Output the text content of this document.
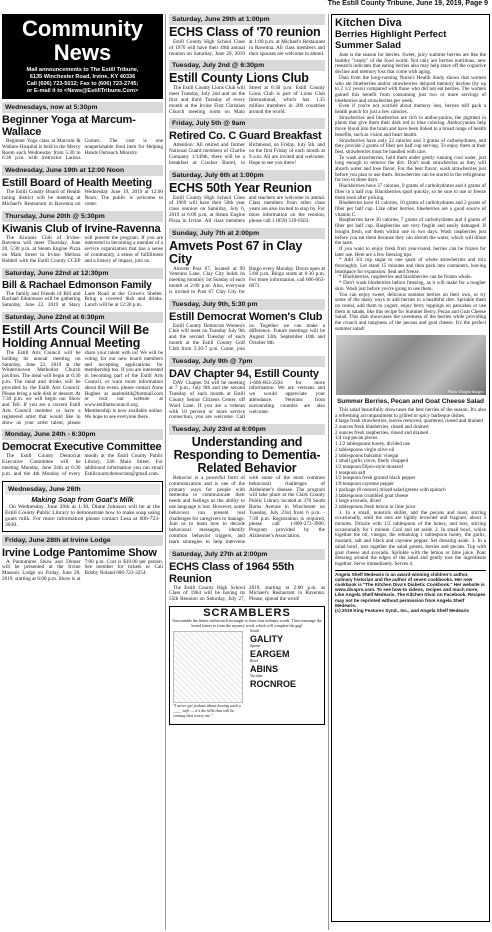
The Estill County Tribune, June 19, 2019, Page 9
Community News

Mail announcements to The Estill Tribune,

6135 Winchester Road, Irvine, KY 40336

Call (606) 723-5012; Fax to (606) 723-2745;

or E-mail it to <News@EstillTribune.Com>

Wednesdays, now at 5:30pm
Beginner Yoga at Marcum-Wallace

Beginner Yoga class at Marcum & Wallace Hospital is held in the Mercy Room each Wednesday from 5:30 to 6:30 p.m. with instructor Larissa Gomez. The cost is one nonperishable food item for Helping Hands Outreach Ministry.

Wednesday, June 19th at 12:00 Noon
Estill Board of Health Meeting

The Estill County Board of Health tuning district will be meeting at Michael's Restaurant in Ravenna on Wednesday June 19, 2019 at 12:00 Noon. The public is welcome to come.

Thursday, June 20th @ 5:30pm
Kiwanis Club of Irvine-Ravenna

The Kiwanis Club of Irvine-Ravenna will meet Thursday, June 20, 5:30 p.m. at Steam Engine Pizza on Main Street in Irvine. Melissa Riddell with the Estill County CCEP will present the program. If you are interested in becoming a member of a service organization that has a sense of community, a sense of fulfillment and a history of impact, join us.

Saturday, June 22nd at 12:30pm
Bill & Rachael Edmonson Family

The family and friends of Bill and Rachael Edmonson will be gathering Saturday, June 22, 2019 at Stacy Lane Road at the Crowe's Shelter. Bring a covered dish and drinks. Lunch will be at 12:30 p.m.

Saturday, June 22nd at 6:30pm
Estill Arts Council Will Be Holding Annual Meeting

The Estill Arts Council will be holding its annual meeting on Saturday, June 22, 2019 at the Winterinoven Methodist Church pavilion. The meal will begin at 6:30 p.m. The meat and drinks will be provided by the Estill Arts Council. Please bring a side dish or dessert. At 7:30 p.m. we will begin our Show and Tell. If you are a current Estill Arts Council member or have a registered artist that would like to show us your artist talent, please share your talent with us! We will be voting for our new board members and accepting applications for membership too. If you are interested in becoming part of the Estill Arts Council, or want more information about this event, please contact Anne Hughes at anelmd44@hotmail.com or visit our website at www.estillartscouncil.org. Membership is now available online. We hope to see everyone there.

Monday, June 24th - 6:30pm
Democrat Executive Committee

The Estill County Democrat Executive Committee will be meeting Monday, June 24th at 6:30 p.m. and the 4th Monday of every month at the Estill County Public Library, 246 Main Street. For additional information you can email Estillcountydemocrats@gmail.com.

Wednesday, June 26th
Making Soap from Goat's Milk

On Wednesday, June 26th at 1:30, Diane Johnson will be at the Estill County Public Library to demonstrate how to make soap using goats milk. For more information please contact Lesa at 606-723-3030.

Friday, June 28th at Irvine Lodge
Irvine Lodge Pantomime Show

A Pantomime Show and Dinner will be presented at the Irvine Masonic Lodge on Friday, June 28, 2019, starting at 6:00 p.m. Show is at 7:00 p.m. Cost is $10.00 per person. See member for tickets or Call Bobby Noland 606-723-2254.

Saturday, June 29th at 1:00pm
ECHS Class of '70 reunion

Estill County High School Class of 1970 will have their 49th annual reunion on Saturday, June 29, 2019 at 1:00 p.m. at Michael's Restaurant in Ravenna. All class members and their spouses are welcome to attend.

Tuesday, July 2nd @ 6:30pm
Estill County Lions Club

The Estill County Lions Club will meet Tuesday, July 2nd and on the first and third Tuesday of every month at the Irvine First Christian Church meeting room on Main Street at 6:30 p.m. Estill County Lions Club is part of Lions Club International, which has 1.35 million members in 200 countries around the world.

Friday, July 5th @ 9am
Retired Co. C Guard Breakfast

Attention: All retired and former National Guard members of Charlie Company 1/149th, there will be a breakfast at Cracker Barrel, in Richmond, on Friday, July 5th, and on the first Friday of each month at 9 a.m. All are invited and welcome. Hope to see you there!

Saturday, July 6th at 1:00pm
ECHS 50th Year Reunion

Estill County High School Class of 1969 will have their 50th year class reunion on Saturday, July 6, 2019 at 6:00 p.m. at Steam Engine Pizza in Irvine. All class members and teachers are welcome to attend. Class members from other class years are also invited to stop by. For more information on the reunion, please call 1 (859) 519-0563.

Sunday, July 7th at 2:00pm
Amvets Post 67 in Clay City

Amvets Post 67, located at 99 Veterans Lane, Clay City holds its meeting monthly 1st Sunday of each month at 2:00 p.m. Also, everyone is invited to Post 67 Clay City for Bingo every Monday. Doors open at 5:00 p.m. Bingo starts at 6:30 p.m. For more information, call 606-663-0071.

Tuesday, July 9th, 5:30 pm
Estill Democrat Women's Club

Estill County Democrat Women's Club will meet on Tuesday July 9th and the second Tuesday of each month at the Estill County Golf Club from 5:30-7 p.m. Come, join us. Together we can make a difference. Future meetings will be August 13th, September 10th and October 8th.

Tuesday, July 9th @ 7pm
DAV Chapter 94, Estill County

DAV Chapter 94 will be meeting at 7 p.m., July 9th and the second Tuesday of each month at Estill County Senior Citizens Center, off Ward Lane. If you are a veteran with 10 percent or more service connection, you are welcome. Call 1-606-663-2504 for more information. We are veterans and we would appreciate your attendance. Veterans from surrounding counties are also welcome.

Tuesday, July 23rd at 6:00pm
Understanding and Responding to Dementia-Related Behavior

Behavior is a powerful form of communication and is one of the primary ways for people with dementia to communicate their needs and feelings as the ability to use language is lost. However, some behaviors can present real challenges for caregivers to manage. Join us to learn how to decode behavioral messages, identify common behavior triggers, and learn strategies to help intervene with some of the most common behavioral challenges of Alzheimer's disease. The program will take place at the Clark County Public Library located at 370 South Burns Avenue in Winchester on Tuesday, July 23rd from 6 p.m. - 7:30 p.m. Registration is required, please call 1-800-272-3900. Program provided by the Alzheimer's Association.

Saturday, July 27th at 2:00pm
ECHS Class of 1964 55th Reunion

The Estill County High School Class of 1964 will be having its 55th Reunion on Saturday, July 27, 2019, starting at 2:00 p.m. at Michael's Restaurant in Ravenna. Please, spread the word!

SCRAMBLERS
Unscramble the letters within each rectangle to form four ordinary words. Then rearrange the boxed letters to form the mystery word, which will complete the gag!
"I never get jealous about having such a ____ wife — it's the bills that will be coming that worry me."
South
GALITY
Sparse
EARGEM
Bowl
ABINS
Vocalize
ROCNROE
Kitchen Diva
Berries Highlight Perfect Summer Salad

June is the season for berries. Sweet, juicy summer berries are like the healthy "candy" of the food world. Not only are berries nutritious, new research indicates that eating berries also may help stave off the cognitive decline and memory loss that come with aging.

Data from the long-running Nurse's Health Study shows that women who ate blueberries and/or strawberries delayed memory decline (by up to 2 1/2 years) compared with those who did not eat berries. The women gained this benefit from consuming just two or more servings of blueberries and strawberries per week.

Even if you're not worried about memory loss, berries still pack a health punch for just a few calories.

Strawberries and blueberries are rich in anthocyanins, the pigment in plants that give them their dark red or blue coloring. Anthocyanins help move blood into the brain and have been linked to a broad range of health benefits, such as vision and heart health.

Strawberries have only 22 calories and 3 grams of carbohydrates, and they provide 2 grams of fiber per half cup serving. To enjoy them at their best, strawberries must be handled with care.

To wash strawberries, hold them under gently running cool water, just long enough to remove the dirt. Don't soak strawberries as they will absorb water and lose flavor. For the best flavor, wash strawberries just before you plan to use them. Strawberries can be stored in the refrigerator for two to three days.

Blackberries have 37 calories, 9 grams of carbohydrates and 4 grams of fiber in a half cup. Blackberries spoil quickly, so be sure to use or freeze them soon after picking.

Blueberries have 41 calories, 10 grams of carbohydrates and 2 grams of fiber per half cup. Like other berries, blueberries are a good source of vitamin C.

Raspberries have 30 calories, 7 grams of carbohydrates and 4 grams of fiber per half cup. Raspberries are very fragile and easily damaged. If bought fresh, eat them within one to two days. Wash raspberries just before you eat them because they can absorb the water, which will dilute the taste.

If you want to enjoy fresh fruit year-round, berries can be frozen for later use. Here are a few freezing tips:

* Add 3/4 cup sugar to one quart of whole strawberries and mix thoroughly. Let stand 15 minutes and then pack into containers, leaving headspace for expansion. Seal and freeze.

* Blackberries, raspberries and blackberries can be frozen whole.

* Don't wash blueberries before freezing, as it will make for a tougher skin. Wash just before you're going to use them.

You can enjoy sweet, delicious summer berries on their own, or try some of the many ways to add berries to a healthful diet. Sprinkle them on cereal, add them to yogurt, enjoy berry toppings on pancakes or use them in salads, like this recipe for Summer Berry, Pecan and Goat Cheese Salad. This dish showcases the sweetness of the berries while providing the crunch and tanginess of the pecans and goat cheese. It's the perfect summer salad!

Photo: Dragon Images
Summer Berries, Pecan and Goat Cheese Salad

This salad beautifully showcases the best berries of the season. It's also a refreshing accompaniment to grilled or spicy barbeque dishes.

4 large fresh strawberries, leaves removed, quartered, rinsed and drained
2 ounces fresh blueberries, rinsed and drained
2 ounces fresh raspberries, rinsed and drained
1/4 cup pecan pieces
1 1/2 tablespoons honey, divided use
2 tablespoons virgin olive oil
2 tablespoons balsamic vinegar
1 small garlic clove, finely chopped
1/2 teaspoon Dijon-style mustard
1 teaspoon salt
1/2 teaspoon fresh ground black pepper
1/8 teaspoon cayenne pepper
1 package (8 ounces) mixed salad greens with spinach
3 tablespoons crumbled goat cheese
1 large avocado, diced
2 tablespoons fresh lemon or lime juice

1. In a small, nonstick skillet, add the pecans and toast, stirring occasionally, until the nuts are lightly browned and fragrant, about 3 minutes. Drizzle with 1/2 tablespoon of the honey, and toss, stirring occasionally for 1 minute. Cool and set aside. 2. In small bowl, whisk together the oil, vinegar, the remaining 1 tablespoon honey, the garlic, mustard, salt and black and cayenne pepper. Set dressing aside. 3. In a salad bowl, toss together the salad greens, berries and pecans. Top with goat cheese and avocado. Sprinkle with the lemon or lime juice. Pour dressing around the edges of the salad and gently toss the ingredients together. Serve immediately. Serves 4.

Angela Shelf Medearis is an award-winning children's author, culinary historian and the author of seven cookbooks. Her new cookbook is "The Kitchen Diva's Diabetic Cookbook." Her website is www.divapro.com. To see how-to videos, recipes and much more, Like Angela Shelf Medearis, The Kitchen Diva! on Facebook. Recipes may not be reprinted without permission from Angela Shelf Medearis.
(c) 2019 King Features Synd., Inc., and Angela Shelf Medearis
